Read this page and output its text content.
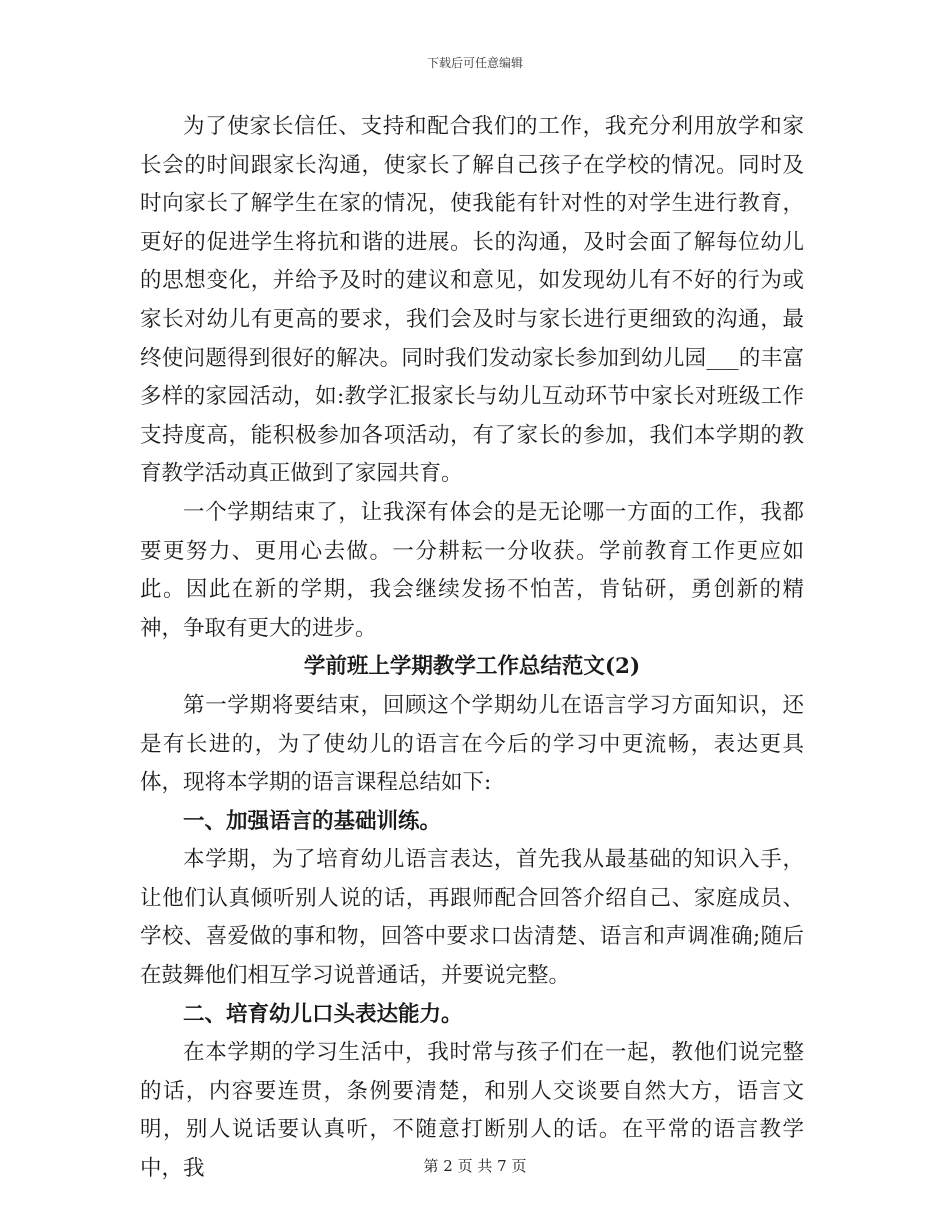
下载后可任意编辑

为了使家长信任、支持和配合我们的工作，我充分利用放学和家长会的时间跟家长沟通，使家长了解自己孩子在学校的情况。同时及时向家长了解学生在家的情况，使我能有针对性的对学生进行教育，更好的促进学生将抗和谐的进展。长的沟通，及时会面了解每位幼儿的思想变化，并给予及时的建议和意见，如发现幼儿有不好的行为或家长对幼儿有更高的要求，我们会及时与家长进行更细致的沟通，最终使问题得到很好的解决。同时我们发动家长参加到幼儿园___的丰富多样的家园活动，如:教学汇报家长与幼儿互动环节中家长对班级工作支持度高，能积极参加各项活动，有了家长的参加，我们本学期的教育教学活动真正做到了家园共育。

一个学期结束了，让我深有体会的是无论哪一方面的工作，我都要更努力、更用心去做。一分耕耘一分收获。学前教育工作更应如此。因此在新的学期，我会继续发扬不怕苦，肯钻研，勇创新的精神，争取有更大的进步。

学前班上学期教学工作总结范文(2)

第一学期将要结束，回顾这个学期幼儿在语言学习方面知识，还是有长进的，为了使幼儿的语言在今后的学习中更流畅，表达更具体，现将本学期的语言课程总结如下:

一、加强语言的基础训练。

本学期，为了培育幼儿语言表达，首先我从最基础的知识入手，让他们认真倾听别人说的话，再跟师配合回答介绍自己、家庭成员、学校、喜爱做的事和物，回答中要求口齿清楚、语言和声调准确;随后在鼓舞他们相互学习说普通话，并要说完整。

二、培育幼儿口头表达能力。

在本学期的学习生活中，我时常与孩子们在一起，教他们说完整的话，内容要连贯，条例要清楚，和别人交谈要自然大方，语言文明，别人说话要认真听，不随意打断别人的话。在平常的语言教学中，我	第 2 页 共 7 页
